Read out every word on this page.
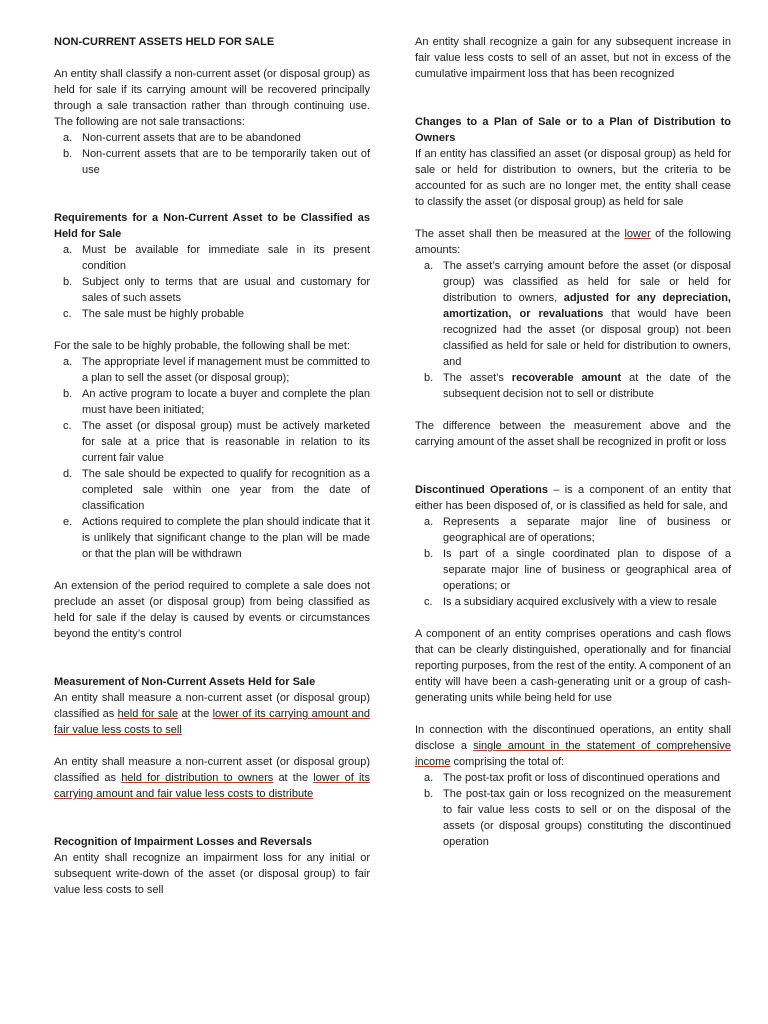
NON-CURRENT ASSETS HELD FOR SALE

An entity shall classify a non-current asset (or disposal group) as held for sale if its carrying amount will be recovered principally through a sale transaction rather than through continuing use. The following are not sale transactions:

a. Non-current assets that are to be abandoned
b. Non-current assets that are to be temporarily taken out of use

Requirements for a Non-Current Asset to be Classified as Held for Sale

a. Must be available for immediate sale in its present condition
b. Subject only to terms that are usual and customary for sales of such assets
c. The sale must be highly probable

For the sale to be highly probable, the following shall be met:

a. The appropriate level if management must be committed to a plan to sell the asset (or disposal group);
b. An active program to locate a buyer and complete the plan must have been initiated;
c. The asset (or disposal group) must be actively marketed for sale at a price that is reasonable in relation to its current fair value
d. The sale should be expected to qualify for recognition as a completed sale within one year from the date of classification
e. Actions required to complete the plan should indicate that it is unlikely that significant change to the plan will be made or that the plan will be withdrawn

An extension of the period required to complete a sale does not preclude an asset (or disposal group) from being classified as held for sale if the delay is caused by events or circumstances beyond the entity’s control

Measurement of Non-Current Assets Held for Sale

An entity shall measure a non-current asset (or disposal group) classified as held for sale at the lower of its carrying amount and fair value less costs to sell

An entity shall measure a non-current asset (or disposal group) classified as held for distribution to owners at the lower of its carrying amount and fair value less costs to distribute

Recognition of Impairment Losses and Reversals

An entity shall recognize an impairment loss for any initial or subsequent write-down of the asset (or disposal group) to fair value less costs to sell

An entity shall recognize a gain for any subsequent increase in fair value less costs to sell of an asset, but not in excess of the cumulative impairment loss that has been recognized

Changes to a Plan of Sale or to a Plan of Distribution to Owners

If an entity has classified an asset (or disposal group) as held for sale or held for distribution to owners, but the criteria to be accounted for as such are no longer met, the entity shall cease to classify the asset (or disposal group) as held for sale

The asset shall then be measured at the lower of the following amounts:

a. The asset’s carrying amount before the asset (or disposal group) was classified as held for sale or held for distribution to owners, adjusted for any depreciation, amortization, or revaluations that would have been recognized had the asset (or disposal group) not been classified as held for sale or held for distribution to owners, and
b. The asset’s recoverable amount at the date of the subsequent decision not to sell or distribute

The difference between the measurement above and the carrying amount of the asset shall be recognized in profit or loss

Discontinued Operations – is a component of an entity that either has been disposed of, or is classified as held for sale, and

a. Represents a separate major line of business or geographical are of operations;
b. Is part of a single coordinated plan to dispose of a separate major line of business or geographical area of operations; or
c. Is a subsidiary acquired exclusively with a view to resale

A component of an entity comprises operations and cash flows that can be clearly distinguished, operationally and for financial reporting purposes, from the rest of the entity. A component of an entity will have been a cash-generating unit or a group of cash-generating units while being held for use

In connection with the discontinued operations, an entity shall disclose a single amount in the statement of comprehensive income comprising the total of:

a. The post-tax profit or loss of discontinued operations and
b. The post-tax gain or loss recognized on the measurement to fair value less costs to sell or on the disposal of the assets (or disposal groups) constituting the discontinued operation
